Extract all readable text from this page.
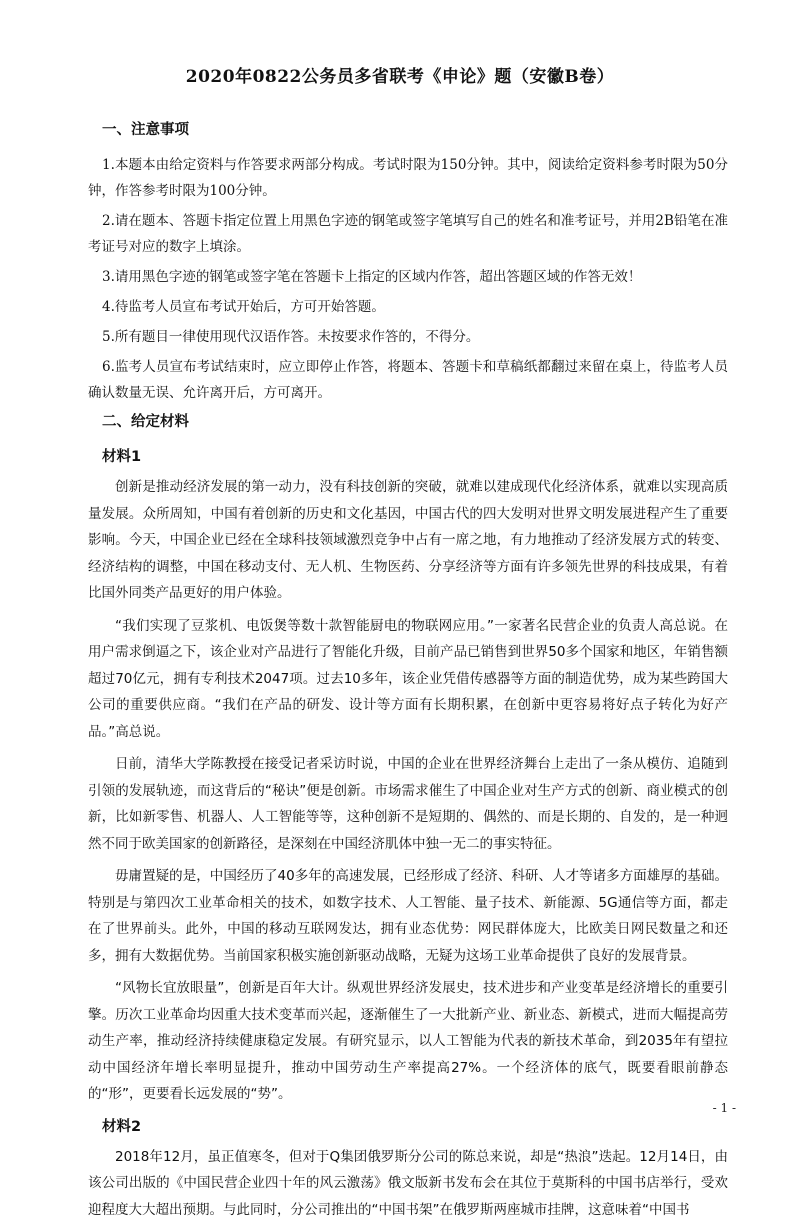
2020年0822公务员多省联考《申论》题（安徽B卷）
一、注意事项

1.本题本由给定资料与作答要求两部分构成。考试时限为150分钟。其中，阅读给定资料参考时限为50分钟，作答参考时限为100分钟。

2.请在题本、答题卡指定位置上用黑色字迹的钢笔或签字笔填写自己的姓名和准考证号，并用2B铅笔在准考证号对应的数字上填涂。

3.请用黑色字迹的钢笔或签字笔在答题卡上指定的区域内作答，超出答题区域的作答无效！

4.待监考人员宣布考试开始后，方可开始答题。

5.所有题目一律使用现代汉语作答。未按要求作答的，不得分。

6.监考人员宣布考试结束时，应立即停止作答，将题本、答题卡和草稿纸都翻过来留在桌上，待监考人员确认数量无误、允许离开后，方可离开。

二、给定材料
材料1

创新是推动经济发展的第一动力，没有科技创新的突破，就难以建成现代化经济体系，就难以实现高质量发展。众所周知，中国有着创新的历史和文化基因，中国古代的四大发明对世界文明发展进程产生了重要影响。今天，中国企业已经在全球科技领域激烈竞争中占有一席之地，有力地推动了经济发展方式的转变、经济结构的调整，中国在移动支付、无人机、生物医药、分享经济等方面有许多领先世界的科技成果，有着比国外同类产品更好的用户体验。

“我们实现了豆浆机、电饭煲等数十款智能厨电的物联网应用。”一家著名民营企业的负责人高总说。在用户需求倒逼之下，该企业对产品进行了智能化升级，目前产品已销售到世界50多个国家和地区，年销售额超过70亿元，拥有专利技术2047项。过去10多年，该企业凭借传感器等方面的制造优势，成为某些跨国大公司的重要供应商。“我们在产品的研发、设计等方面有长期积累，在创新中更容易将好点子转化为好产品。”高总说。

日前，清华大学陈教授在接受记者采访时说，中国的企业在世界经济舞台上走出了一条从模仿、追随到引领的发展轨迹，而这背后的“秘诀”便是创新。市场需求催生了中国企业对生产方式的创新、商业模式的创新，比如新零售、机器人、人工智能等等，这种创新不是短期的、偶然的、而是长期的、自发的，是一种迥然不同于欧美国家的创新路径，是深刻在中国经济肌体中独一无二的事实特征。

毋庸置疑的是，中国经历了40多年的高速发展，已经形成了经济、科研、人才等诸多方面雄厚的基础。特别是与第四次工业革命相关的技术，如数字技术、人工智能、量子技术、新能源、5G通信等方面，都走在了世界前头。此外，中国的移动互联网发达，拥有业态优势：网民群体庞大，比欧美日网民数量之和还多，拥有大数据优势。当前国家积极实施创新驱动战略，无疑为这场工业革命提供了良好的发展背景。

“风物长宜放眼量”，创新是百年大计。纵观世界经济发展史，技术进步和产业变革是经济增长的重要引擎。历次工业革命均因重大技术变革而兴起，逐渐催生了一大批新产业、新业态、新模式，进而大幅提高劳动生产率，推动经济持续健康稳定发展。有研究显示，以人工智能为代表的新技术革命，到2035年有望拉动中国经济年增长率明显提升，推动中国劳动生产率提高27%。一个经济体的底气，既要看眼前静态的“形”，更要看长远发展的“势”。

材料2

2018年12月，虽正值寒冬，但对于Q集团俄罗斯分公司的陈总来说，却是“热浪”迭起。12月14日，由该公司出版的《中国民营企业四十年的风云激荡》俄文版新书发布会在其位于莫斯科的中国书店举行，受欢迎程度大大超出预期。与此同时，分公司推出的“中国书架”在俄罗斯两座城市挂牌，这意味着“中国书

- 1 -
